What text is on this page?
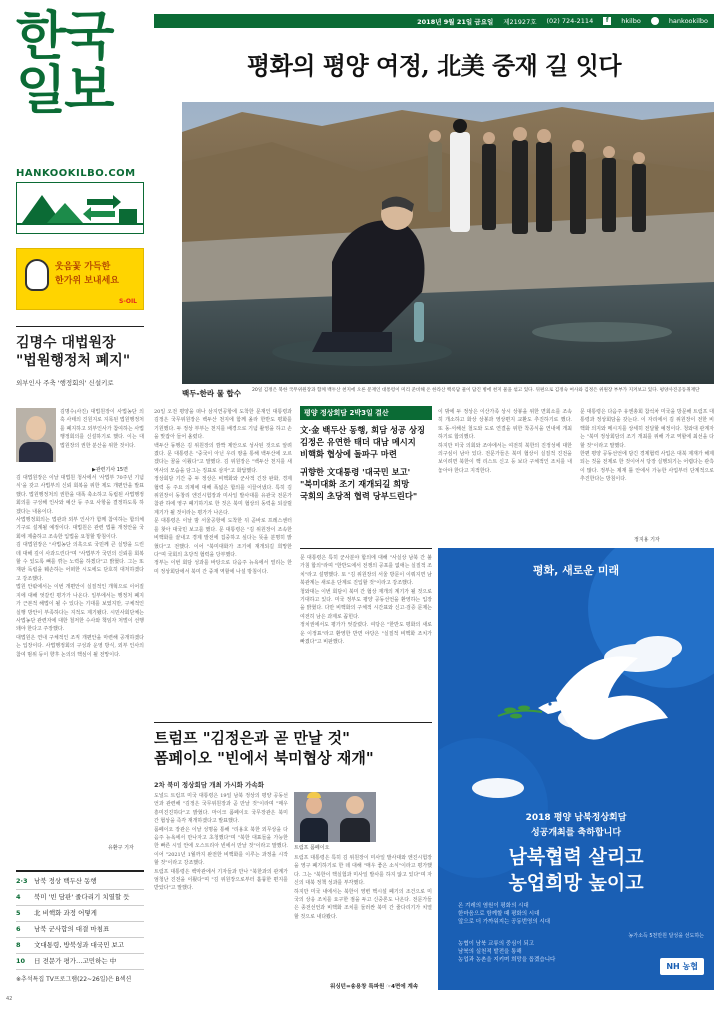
한국
일보
HANKOOKILBO.COM
웃음꽃 가득한
한가위 보내세요
S-OIL
김명수 대법원장
"법원행정처 폐지"
외부인사 주축 '행정회의' 신설키로
김명수(사진) 대법원장이 사법농단 의혹 사태의 진원지로 지목된 법원행정처를 폐지하고 외부인사가 참여하는 사법행정회의를 신설하기로 했다. 이는 대법원장의 권한 분산을 위한 것이다.
▶관련기사 15면
김 대법원장은 이날 대법원 청사에서 '사법부 70주년 기념식'을 갖고 사법부의 신뢰 회복을 위한 제도 개편안을 발표했다. 법원행정처의 권한을 대폭 축소하고 독립된 사법행정회의를 구성해 인사와 예산 등 주요 사항을 결정하도록 하겠다는 내용이다.
사법행정회의는 법관과 외부 인사가 함께 참여하는 합의체 기구로 설계될 예정이다. 대법원은 관련 법률 개정안을 국회에 제출하고 조속한 입법을 요청할 방침이다.
김 대법원장은 "사법농단 의혹으로 국민께 큰 실망을 드린 데 대해 깊이 사과드린다"며 "사법부가 국민의 신뢰를 회복할 수 있도록 뼈를 깎는 노력을 하겠다"고 밝혔다. 그는 또 재판 독립을 훼손하는 어떠한 시도에도 단호히 대처하겠다고 강조했다.
법원 안팎에서는 이번 개편안이 실질적인 개혁으로 이어질지에 대해 엇갈린 평가가 나온다. 일부에서는 행정처 폐지가 근본적 해법이 될 수 있다는 기대를 보였지만, 구체적인 실행 방안이 부족하다는 지적도 제기됐다. 시민사회단체는 사법농단 관련자에 대한 철저한 수사와 책임자 처벌이 선행돼야 한다고 주장했다.
대법원은 연내 구체적인 조직 개편안을 마련해 공개하겠다는 입장이다. 사법행정회의 구성과 운영 방식, 외부 인사의 참여 범위 등이 향후 논의의 핵심이 될 전망이다.
유환구 기자
2·3 남북 정상 백두산 동행
4	북미 '빈 담판' 줄다리기 치열할 듯
5	北 비핵화 과정 어떻게
6	남북 군사합의 대결 마침표
8	文대통령, 방북성과 대국민 보고
10	日 전문가 평가…고민하는 中
※추석특집 TV프로그램(22~26일)은 B섹션
42
2018년 9월 21일 금요일 제21927호 (02) 724-2114	f	hkilbo	hankookilbo
평화의 평양 여정, 北美 중재 길 잇다
백두-한라 물 합수 20일 김정은 북한 국무위원장과 함께 백두산 천지에 오른 문재인 대통령이 미리 준비해 온 한라산 백록담 물이 담긴 병에 천지 물을 섞고 있다. 뒤편으로 김정숙 여사와 김정은 위원장 부부가 지켜보고 있다. 평양사진공동취재단
20일 오전 평양을 떠나 삼지연공항에 도착한 문재인 대통령과 김정은 국무위원장은 백두산 천지에 함께 올라 한반도 평화를 기원했다. 두 정상 부부는 천지를 배경으로 기념 촬영을 하고 손을 맞잡아 들어 올렸다.
백두산 동행은 김 위원장의 깜짝 제안으로 성사된 것으로 알려졌다. 문 대통령은 "중국이 아닌 우리 땅을 통해 백두산에 오르겠다는 꿈을 이뤘다"고 말했다. 김 위원장은 "백두산 천지를 새 역사의 모습을 담그는 징표로 삼자"고 화답했다.
정상회담 기간 중 두 정상은 비핵화와 군사적 긴장 완화, 경제 협력 등 주요 의제에 대해 폭넓은 합의를 이끌어냈다. 특히 김 위원장이 동창리 엔진시험장과 미사일 발사대를 유관국 전문가 참관 하에 영구 폐기하기로 한 것은 북미 협상의 동력을 되살릴 계기가 될 것이라는 평가가 나온다.
문 대통령은 이날 밤 서울공항에 도착한 뒤 곧바로 프레스센터를 찾아 대국민 보고를 했다. 문 대통령은 "김 위원장이 조속한 비핵화를 끝내고 경제 발전에 집중하고 싶다는 뜻을 분명히 밝혔다"고 전했다. 이어 "북미대화가 조기에 재개되길 희망한다"며 국회의 초당적 협력을 당부했다.
정부는 이번 회담 성과를 바탕으로 다음주 뉴욕에서 열리는 한미 정상회담에서 북미 간 중재 역할에 나설 방침이다.
평양 정상회담 2박3일 결산
文·金 백두산 동행, 회담 성공 상징
김정은 유연한 태더 대남 메시지
비핵화 협상에 돌파구 마련
귀향한 文대통령 '대국민 보고'
"북미대화 조기 재개되길 희망
국회의 초당적 협력 당부드린다"
문 대통령은 특히 군사분야 합의에 대해 "사실상 남북 간 불가침 합의"라며 "한반도에서 전쟁의 공포를 없애는 실질적 조치"라고 설명했다. 또 "김 위원장의 서울 방문이 이뤄지면 남북관계는 새로운 단계로 진입할 것"이라고 강조했다.
청와대는 이번 회담이 북미 간 협상 재개의 계기가 될 것으로 기대하고 있다. 미국 정부도 평양 공동선언을 환영하는 입장을 밝혔다. 다만 비핵화의 구체적 시간표와 신고·검증 문제는 여전히 남은 과제로 꼽힌다.
정치권에서도 평가가 엇갈렸다. 여당은 "한반도 평화의 새로운 이정표"라고 환영한 반면 야당은 "실질적 비핵화 조치가 빠졌다"고 비판했다.
이 밖에 두 정상은 이산가족 상시 상봉을 위한 면회소를 조속히 개소하고 화상 상봉과 영상편지 교환도 추진하기로 했다. 또 동·서해선 철도와 도로 연결을 위한 착공식을 연내에 개최하기로 합의했다.
하지만 미국 의회와 조야에서는 여전히 북한의 진정성에 대한 의구심이 남아 있다. 전문가들은 북미 협상이 실질적 진전을 보이려면 북한이 핵 리스트 신고 등 보다 구체적인 조치를 내놓아야 한다고 지적한다.
문 대통령은 다음주 유엔총회 참석차 미국을 방문해 트럼프 대통령과 정상회담을 갖는다. 이 자리에서 김 위원장이 전한 비핵화 의지와 메시지를 상세히 전달할 예정이다. 청와대 관계자는 "북미 정상회담의 조기 개최를 위해 가교 역할에 최선을 다할 것"이라고 말했다.
한편 평양 공동선언에 담긴 경제협력 사업은 대북 제재가 해제되는 것을 전제로 한 것이어서 당장 실행되기는 어렵다는 관측이 많다. 정부는 제재 틀 안에서 가능한 사업부터 단계적으로 추진한다는 방침이다.
정지용 기자
트럼프 "김정은과 곧 만날 것"
폼페이오 "빈에서 북미협상 재개"
2차 북미 정상회담 개최 가시화 가속화
도널드 트럼프 미국 대통령은 19일 남북 정상의 평양 공동선언과 관련해 "김정은 국무위원장과 곧 만날 것"이라며 "매우 흥미진진하다"고 밝혔다. 마이크 폼페이오 국무장관은 북미 간 협상을 즉각 재개하겠다고 발표했다.
폼페이오 장관은 이날 성명을 통해 "리용호 북한 외무상을 다음주 뉴욕에서 만나자고 초청했다"며 "북한 대표들을 가능한 한 빠른 시일 안에 오스트리아 빈에서 만날 것"이라고 말했다. 이어 "2021년 1월까지 완전한 비핵화를 이루는 과정을 시작할 것"이라고 강조했다.
트럼프 대통령은 백악관에서 기자들과 만나 "북한과의 관계가 엄청난 진전을 이뤘다"며 "김 위원장으로부터 훌륭한 편지를 받았다"고 말했다.
트럼프 폼페이오
트럼프 대통령은 특히 김 위원장이 미사일 발사대와 엔진시험장을 영구 폐기하기로 한 데 대해 "매우 좋은 소식"이라고 평가했다. 그는 "북한이 핵실험과 미사일 발사를 하지 않고 있다"며 자신의 대북 정책 성과를 부각했다.
하지만 미국 내에서는 북한이 영변 핵시설 폐기의 조건으로 미국의 상응 조치를 요구한 점을 두고 신중론도 나온다. 전문가들은 종전선언과 비핵화 조치를 둘러싼 북미 간 줄다리기가 치열할 것으로 내다봤다.
워싱턴=송용창 특파원 ☞4면에 계속
평화, 새로운 미래
2018 평양 남북정상회담
성공개최를 축하합니다
남북협력 살리고
농업희망 높이고
온 겨레의 염원이 평화의 시대
한마음으로 함께할 때 평화의 시대
앞으로 더 가까워지는 공동번영의 시대
농협이 남북 교류의 중심이 되고
남북의 실천적 발전을 통해
농업과 농촌을 지키며 희망을 돕겠습니다
농가소득 5천만원 달성을 선도하는
NH 농협
